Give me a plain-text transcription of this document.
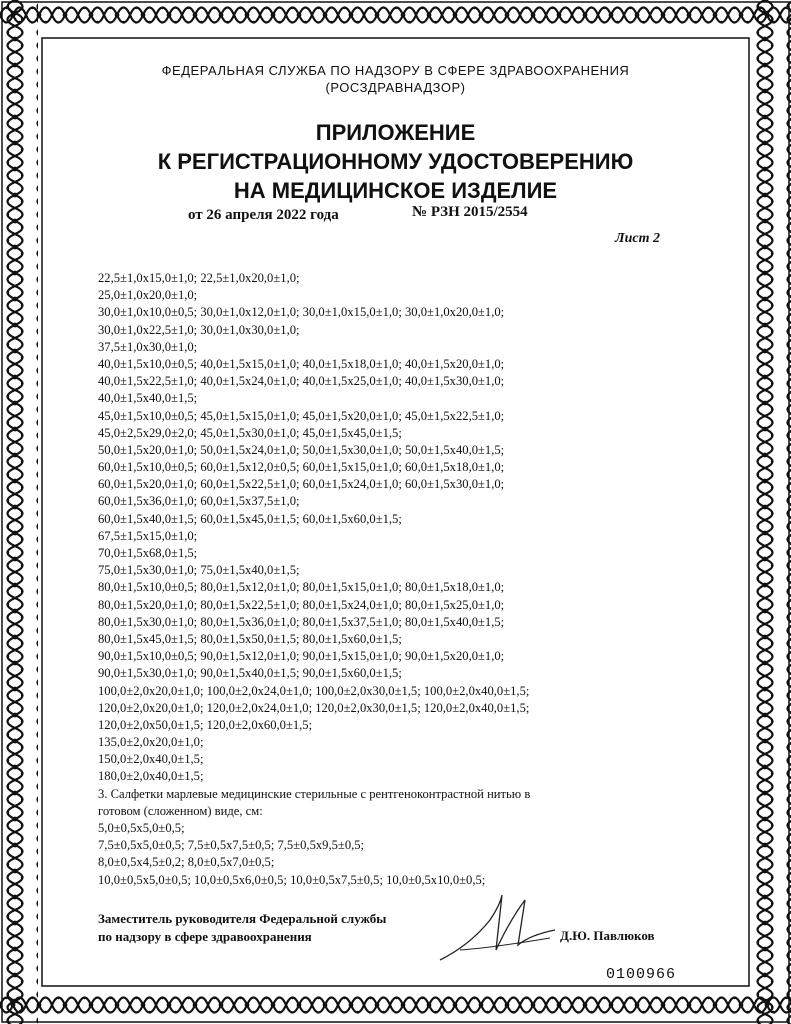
ФЕДЕРАЛЬНАЯ СЛУЖБА ПО НАДЗОРУ В СФЕРЕ ЗДРАВООХРАНЕНИЯ
(РОСЗДРАВНАДЗОР)
ПРИЛОЖЕНИЕ
К РЕГИСТРАЦИОННОМУ УДОСТОВЕРЕНИЮ
НА МЕДИЦИНСКОЕ ИЗДЕЛИЕ
от 26 апреля 2022 года	№ РЗН 2015/2554
Лист 2
22,5±1,0x15,0±1,0; 22,5±1,0x20,0±1,0;
25,0±1,0x20,0±1,0;
30,0±1,0x10,0±0,5; 30,0±1,0x12,0±1,0; 30,0±1,0x15,0±1,0; 30,0±1,0x20,0±1,0;
30,0±1,0x22,5±1,0; 30,0±1,0x30,0±1,0;
37,5±1,0x30,0±1,0;
40,0±1,5x10,0±0,5; 40,0±1,5x15,0±1,0; 40,0±1,5x18,0±1,0; 40,0±1,5x20,0±1,0;
40,0±1,5x22,5±1,0; 40,0±1,5x24,0±1,0; 40,0±1,5x25,0±1,0; 40,0±1,5x30,0±1,0;
40,0±1,5x40,0±1,5;
45,0±1,5x10,0±0,5; 45,0±1,5x15,0±1,0; 45,0±1,5x20,0±1,0; 45,0±1,5x22,5±1,0;
45,0±2,5x29,0±2,0; 45,0±1,5x30,0±1,0; 45,0±1,5x45,0±1,5;
50,0±1,5x20,0±1,0; 50,0±1,5x24,0±1,0; 50,0±1,5x30,0±1,0; 50,0±1,5x40,0±1,5;
60,0±1,5x10,0±0,5; 60,0±1,5x12,0±0,5; 60,0±1,5x15,0±1,0; 60,0±1,5x18,0±1,0;
60,0±1,5x20,0±1,0; 60,0±1,5x22,5±1,0; 60,0±1,5x24,0±1,0; 60,0±1,5x30,0±1,0;
60,0±1,5x36,0±1,0; 60,0±1,5x37,5±1,0;
60,0±1,5x40,0±1,5; 60,0±1,5x45,0±1,5; 60,0±1,5x60,0±1,5;
67,5±1,5x15,0±1,0;
70,0±1,5x68,0±1,5;
75,0±1,5x30,0±1,0; 75,0±1,5x40,0±1,5;
80,0±1,5x10,0±0,5; 80,0±1,5x12,0±1,0; 80,0±1,5x15,0±1,0; 80,0±1,5x18,0±1,0;
80,0±1,5x20,0±1,0; 80,0±1,5x22,5±1,0; 80,0±1,5x24,0±1,0; 80,0±1,5x25,0±1,0;
80,0±1,5x30,0±1,0; 80,0±1,5x36,0±1,0; 80,0±1,5x37,5±1,0; 80,0±1,5x40,0±1,5;
80,0±1,5x45,0±1,5; 80,0±1,5x50,0±1,5; 80,0±1,5x60,0±1,5;
90,0±1,5x10,0±0,5; 90,0±1,5x12,0±1,0; 90,0±1,5x15,0±1,0; 90,0±1,5x20,0±1,0;
90,0±1,5x30,0±1,0; 90,0±1,5x40,0±1,5; 90,0±1,5x60,0±1,5;
100,0±2,0x20,0±1,0; 100,0±2,0x24,0±1,0; 100,0±2,0x30,0±1,5; 100,0±2,0x40,0±1,5;
120,0±2,0x20,0±1,0; 120,0±2,0x24,0±1,0; 120,0±2,0x30,0±1,5; 120,0±2,0x40,0±1,5;
120,0±2,0x50,0±1,5; 120,0±2,0x60,0±1,5;
135,0±2,0x20,0±1,0;
150,0±2,0x40,0±1,5;
180,0±2,0x40,0±1,5;
3. Салфетки марлевые медицинские стерильные с рентгеноконтрастной нитью в
готовом (сложенном) виде, см:
5,0±0,5x5,0±0,5;
7,5±0,5x5,0±0,5; 7,5±0,5x7,5±0,5; 7,5±0,5x9,5±0,5;
8,0±0,5x4,5±0,2; 8,0±0,5x7,0±0,5;
10,0±0,5x5,0±0,5; 10,0±0,5x6,0±0,5; 10,0±0,5x7,5±0,5; 10,0±0,5x10,0±0,5;
Заместитель руководителя Федеральной службы
по надзору в сфере здравоохранения	Д.Ю. Павлюков
0100966
